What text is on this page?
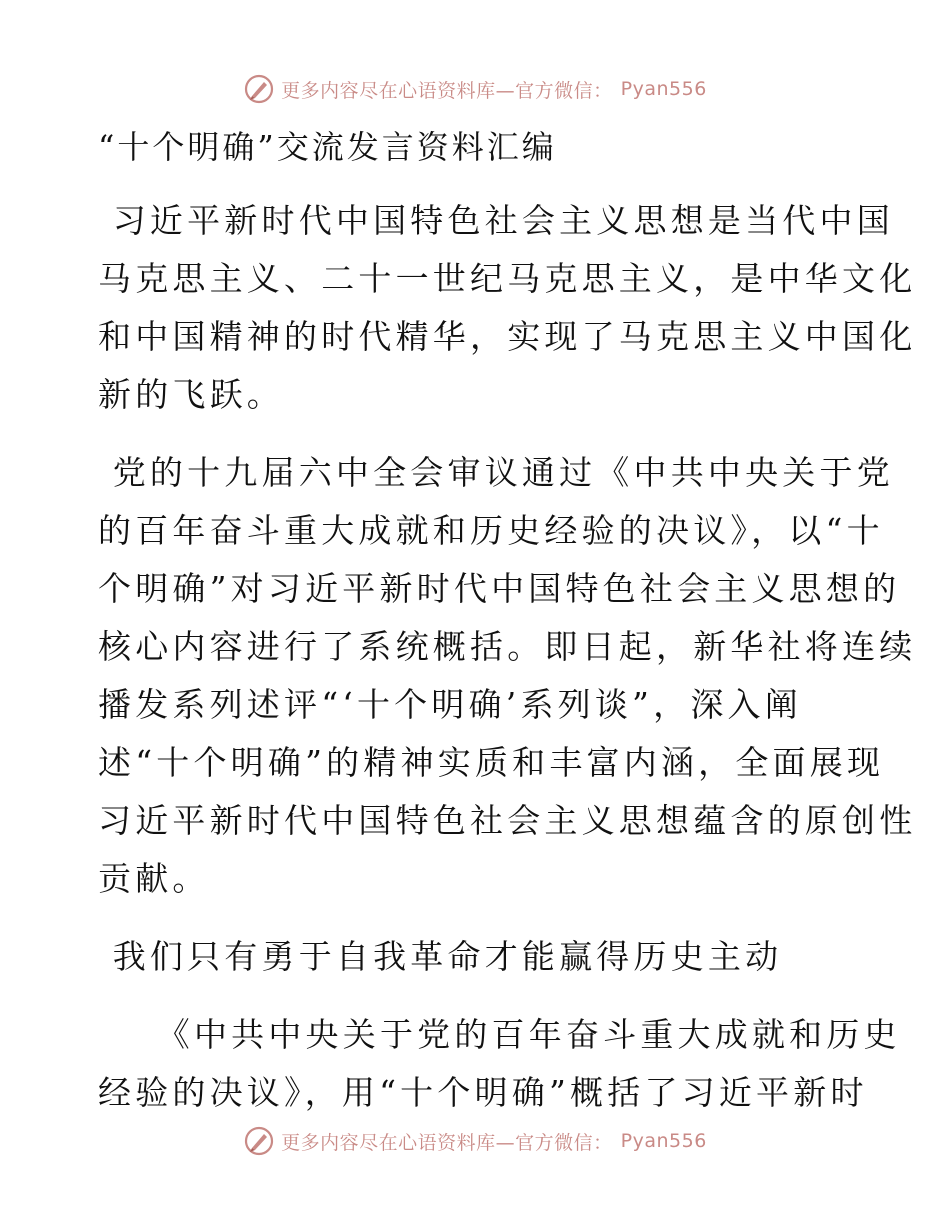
更多内容尽在心语资料库—官方微信： Pyan556
“十个明确”交流发言资料汇编
习近平新时代中国特色社会主义思想是当代中国
马克思主义、二十一世纪马克思主义，是中华文化
和中国精神的时代精华，实现了马克思主义中国化
新的飞跃。
党的十九届六中全会审议通过《中共中央关于党
的百年奋斗重大成就和历史经验的决议》，以“十
个明确”对习近平新时代中国特色社会主义思想的
核心内容进行了系统概括。即日起，新华社将连续
播发系列述评“‘十个明确’系列谈”，深入阐
述“十个明确”的精神实质和丰富内涵，全面展现
习近平新时代中国特色社会主义思想蕴含的原创性
贡献。
我们只有勇于自我革命才能赢得历史主动
《中共中央关于党的百年奋斗重大成就和历史
经验的决议》，用“十个明确”概括了习近平新时
更多内容尽在心语资料库—官方微信： Pyan556
